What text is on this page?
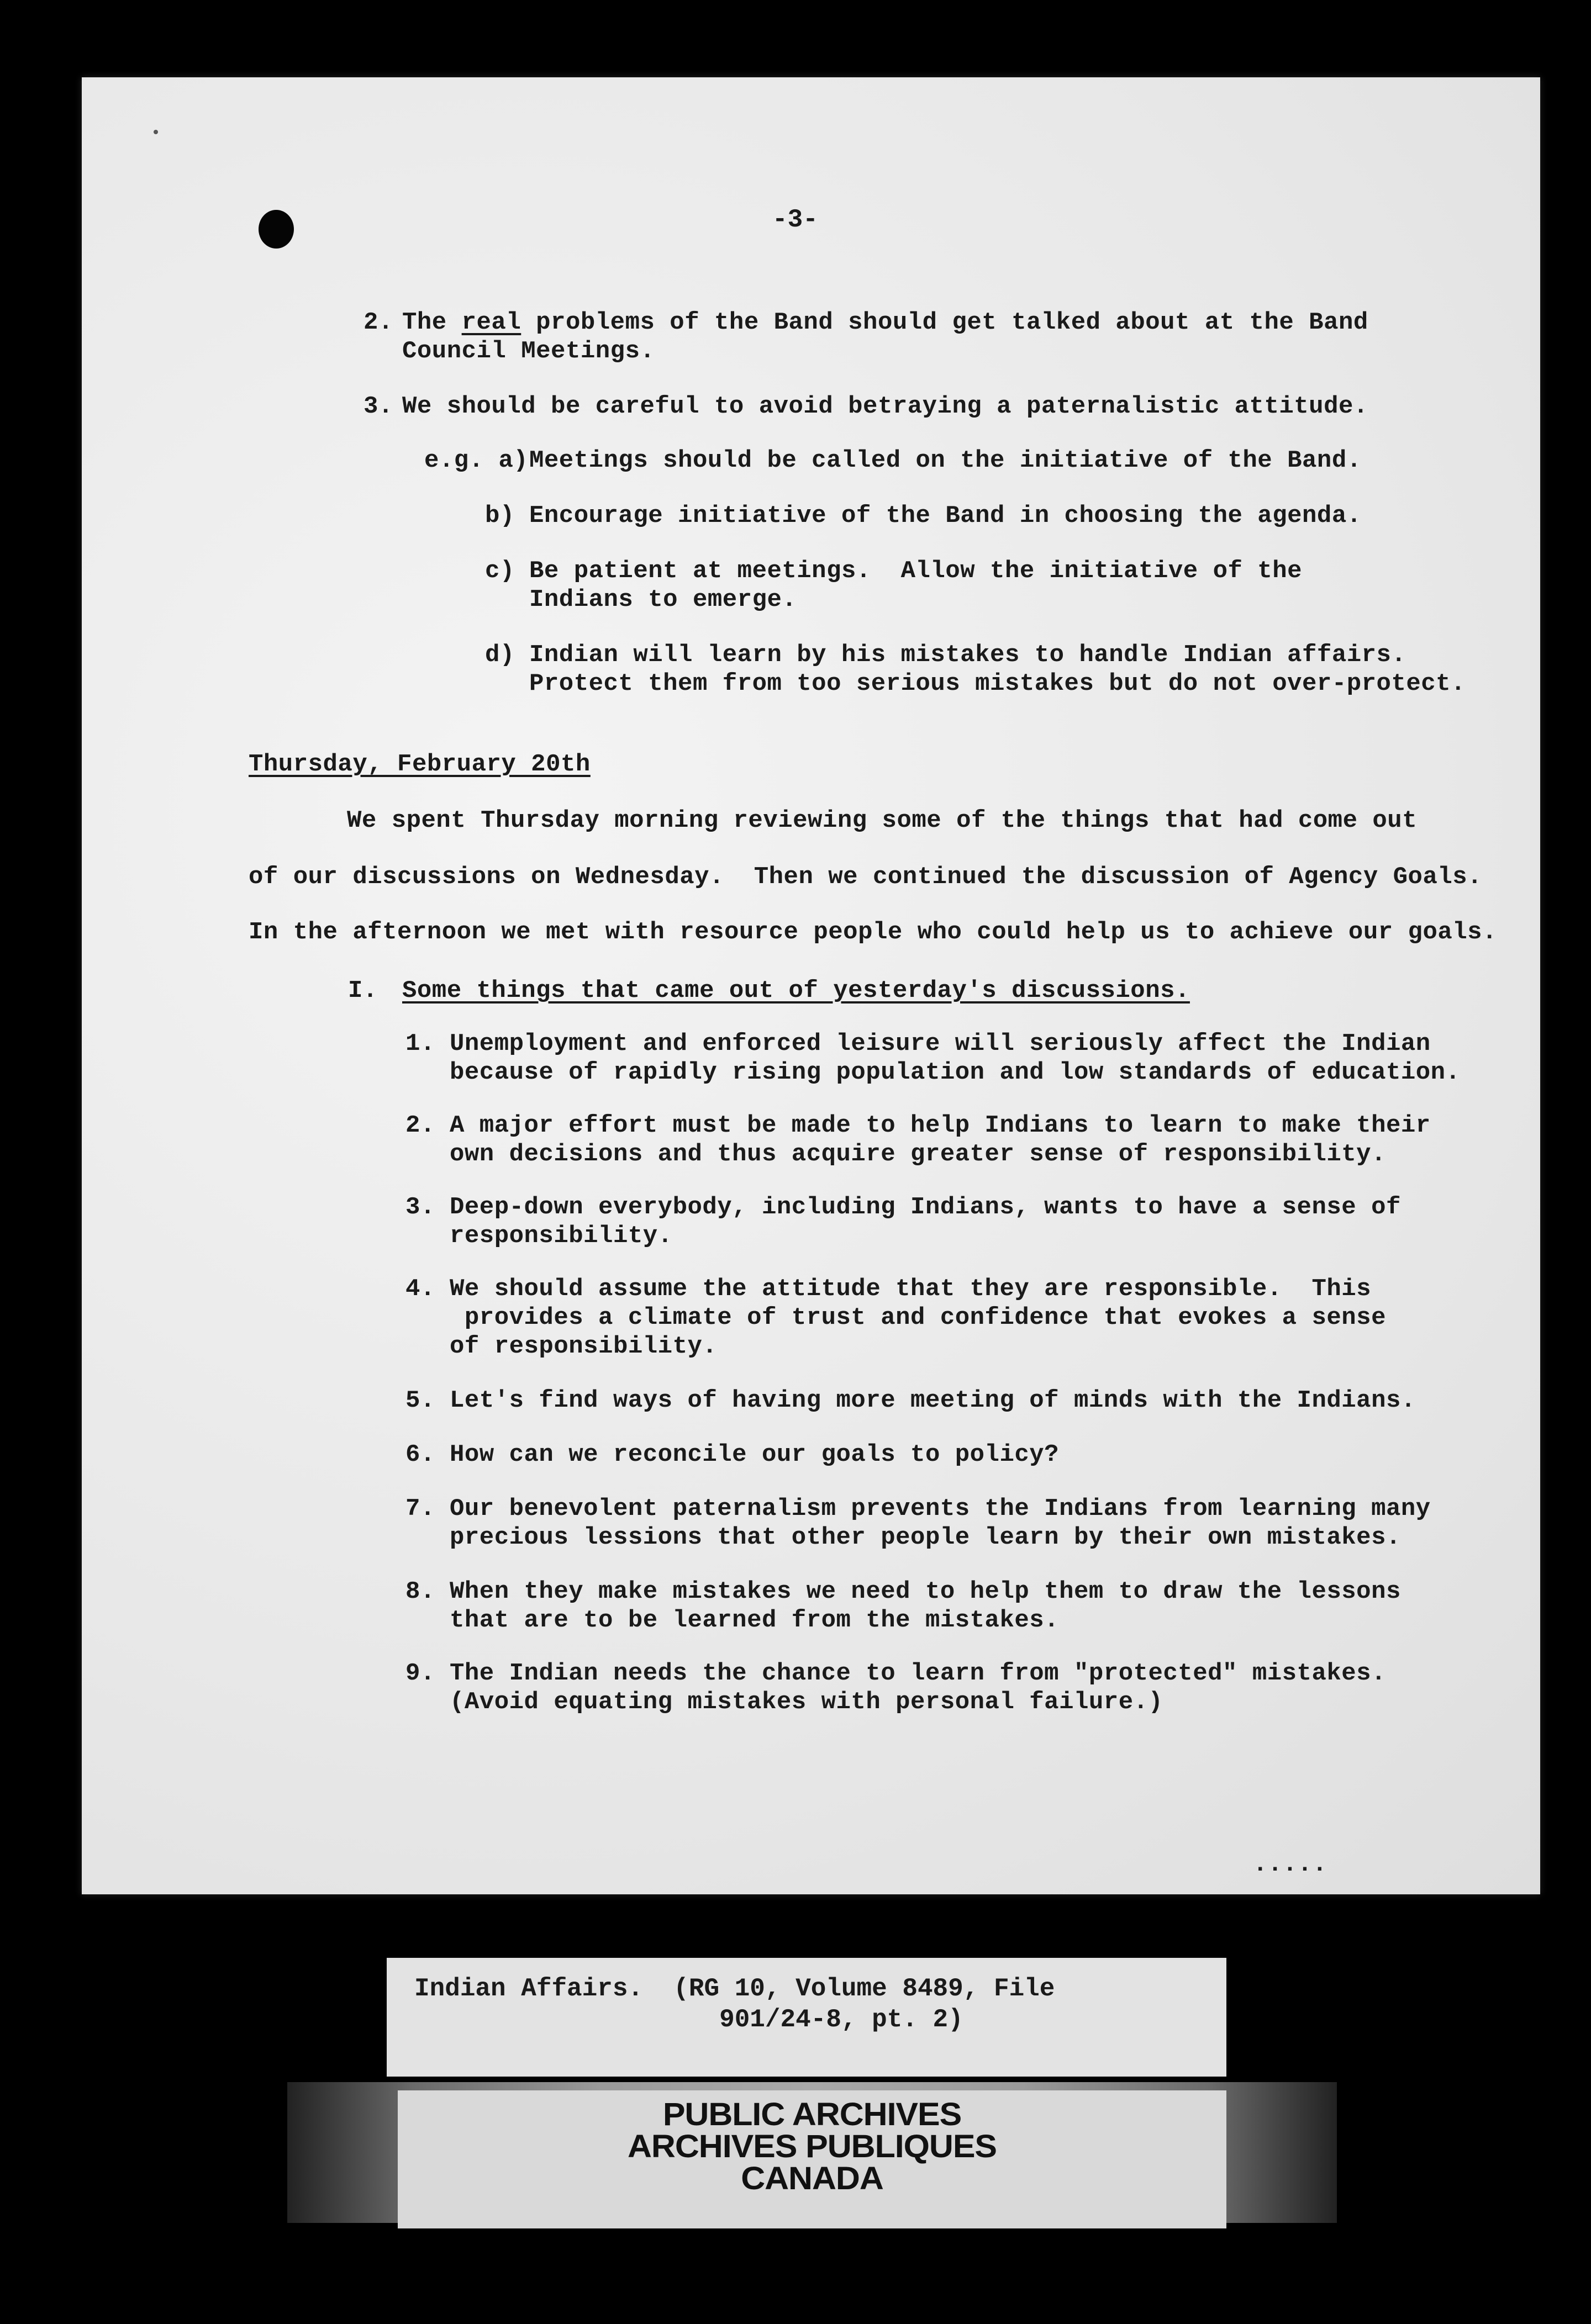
-3-
2. The real problems of the Band should get talked about at the Band
Council Meetings.
3. We should be careful to avoid betraying a paternalistic attitude.
e.g. a) Meetings should be called on the initiative of the Band.
b) Encourage initiative of the Band in choosing the agenda.
c) Be patient at meetings.  Allow the initiative of the
Indians to emerge.
d) Indian will learn by his mistakes to handle Indian affairs.
Protect them from too serious mistakes but do not over-protect.
Thursday, February 20th
We spent Thursday morning reviewing some of the things that had come out
of our discussions on Wednesday.  Then we continued the discussion of Agency Goals.
In the afternoon we met with resource people who could help us to achieve our goals.
I. Some things that came out of yesterday's discussions.
1. Unemployment and enforced leisure will seriously affect the Indian
because of rapidly rising population and low standards of education.
2. A major effort must be made to help Indians to learn to make their
own decisions and thus acquire greater sense of responsibility.
3. Deep-down everybody, including Indians, wants to have a sense of
responsibility.
4. We should assume the attitude that they are responsible.  This
provides a climate of trust and confidence that evokes a sense
of responsibility.
5. Let's find ways of having more meeting of minds with the Indians.
6. How can we reconcile our goals to policy?
7. Our benevolent paternalism prevents the Indians from learning many
precious lessions that other people learn by their own mistakes.
8. When they make mistakes we need to help them to draw the lessons
that are to be learned from the mistakes.
9. The Indian needs the chance to learn from "protected" mistakes.
(Avoid equating mistakes with personal failure.)
.....
Indian Affairs.  (RG 10, Volume 8489, File
901/24-8, pt. 2)
PUBLIC ARCHIVES
ARCHIVES PUBLIQUES
CANADA
